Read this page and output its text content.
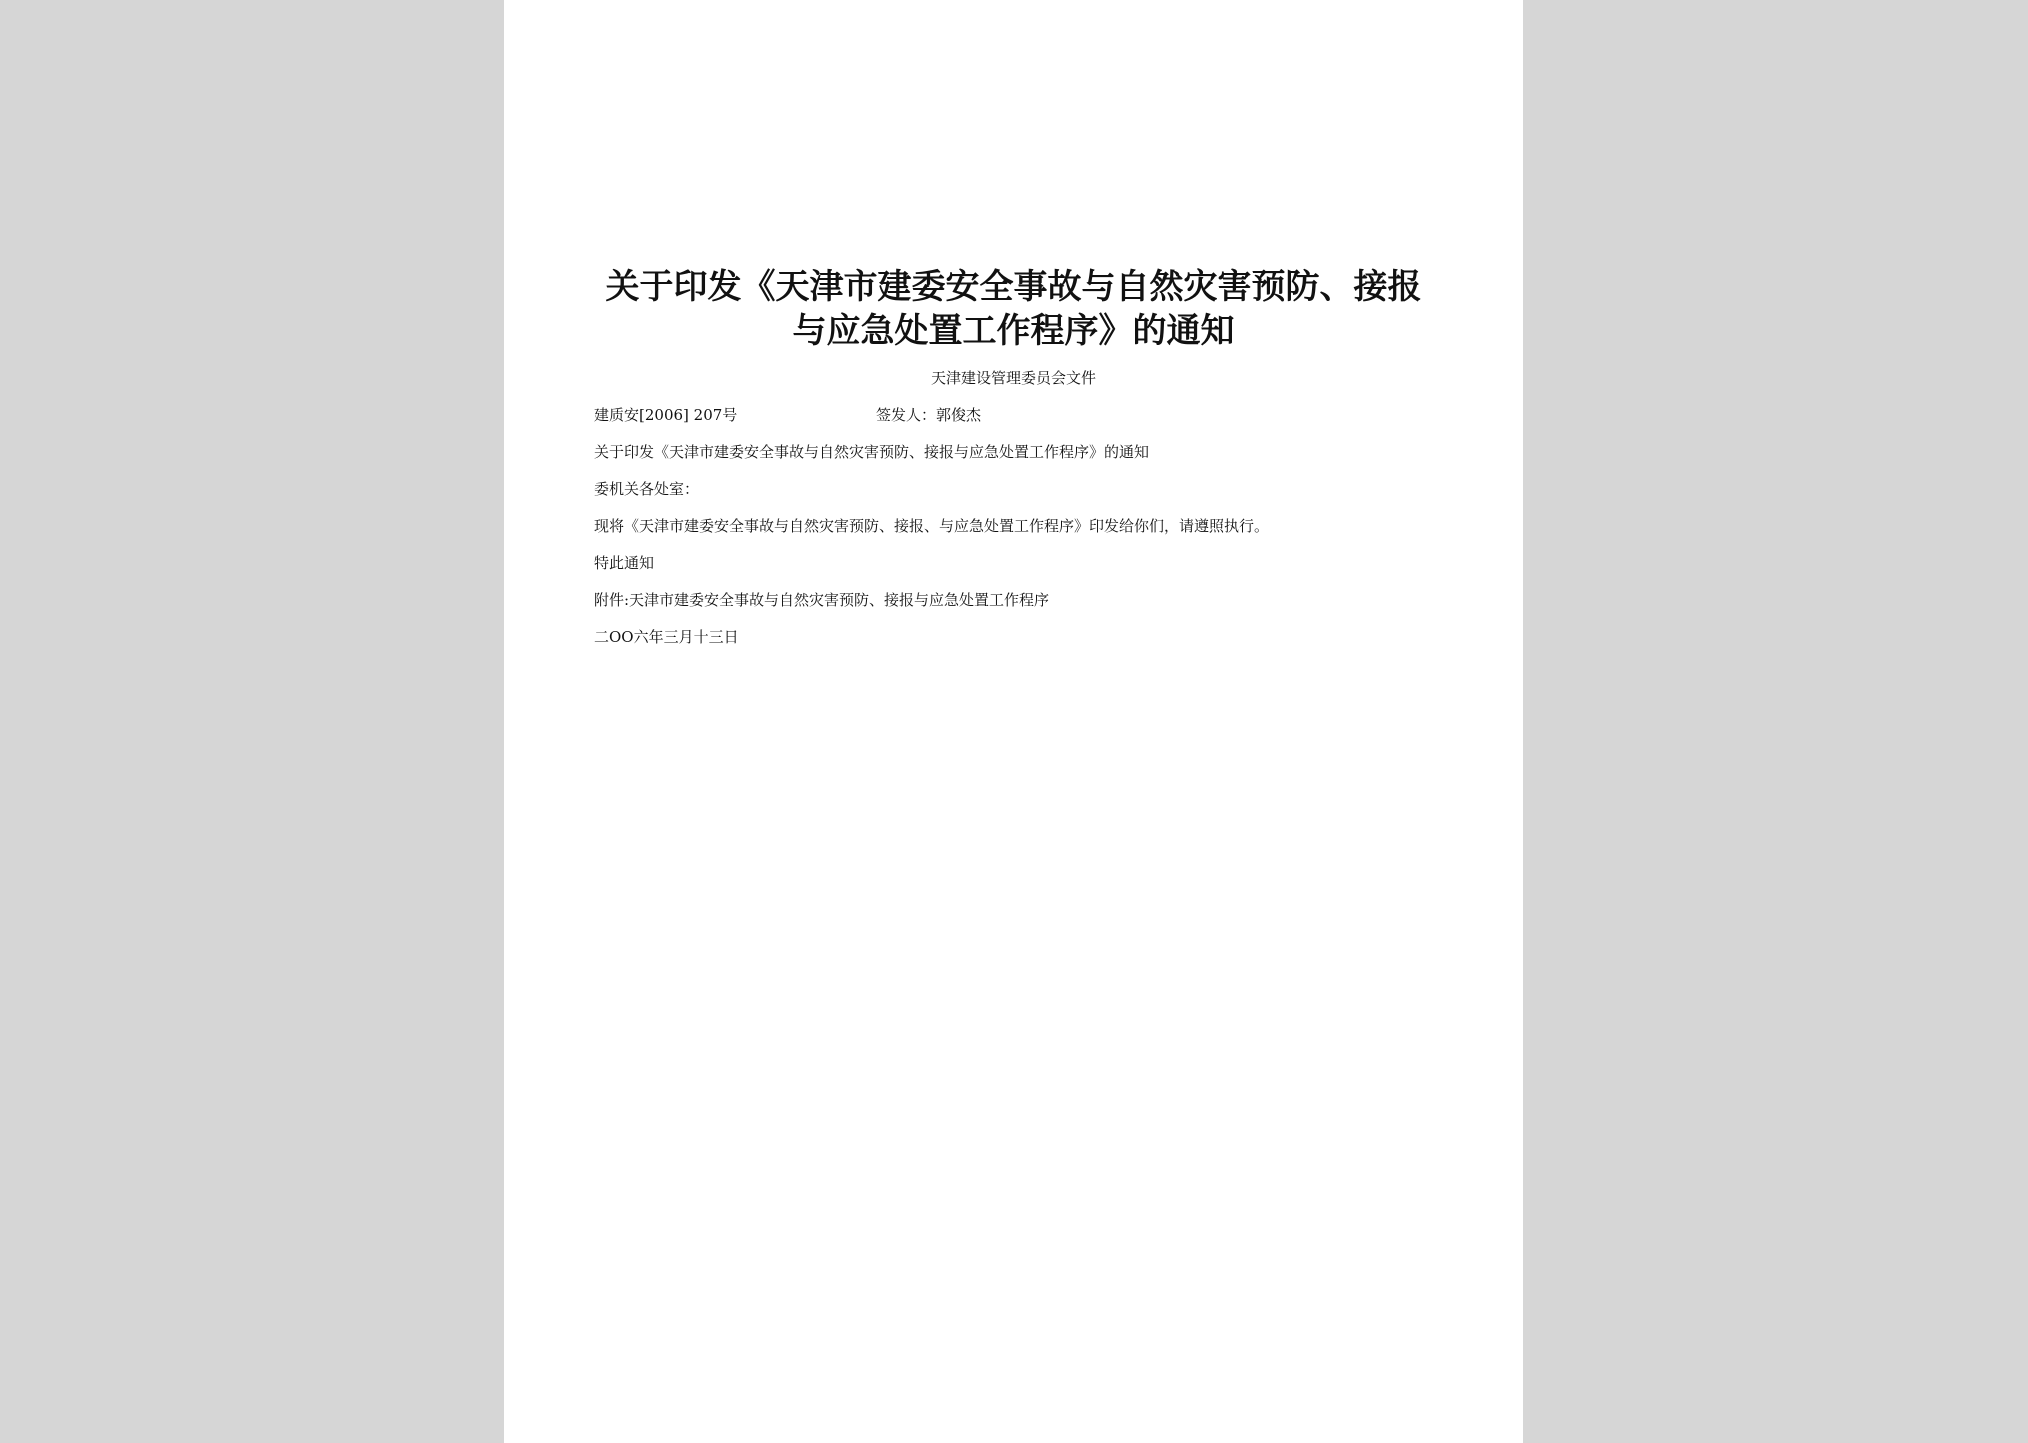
关于印发《天津市建委安全事故与自然灾害预防、接报
与应急处置工作程序》的通知
天津建设管理委员会文件
建质安[2006] 207号	签发人：郭俊杰
关于印发《天津市建委安全事故与自然灾害预防、接报与应急处置工作程序》的通知
委机关各处室：
现将《天津市建委安全事故与自然灾害预防、接报、与应急处置工作程序》印发给你们，请遵照执行。
特此通知
附件:天津市建委安全事故与自然灾害预防、接报与应急处置工作程序
二OO六年三月十三日
